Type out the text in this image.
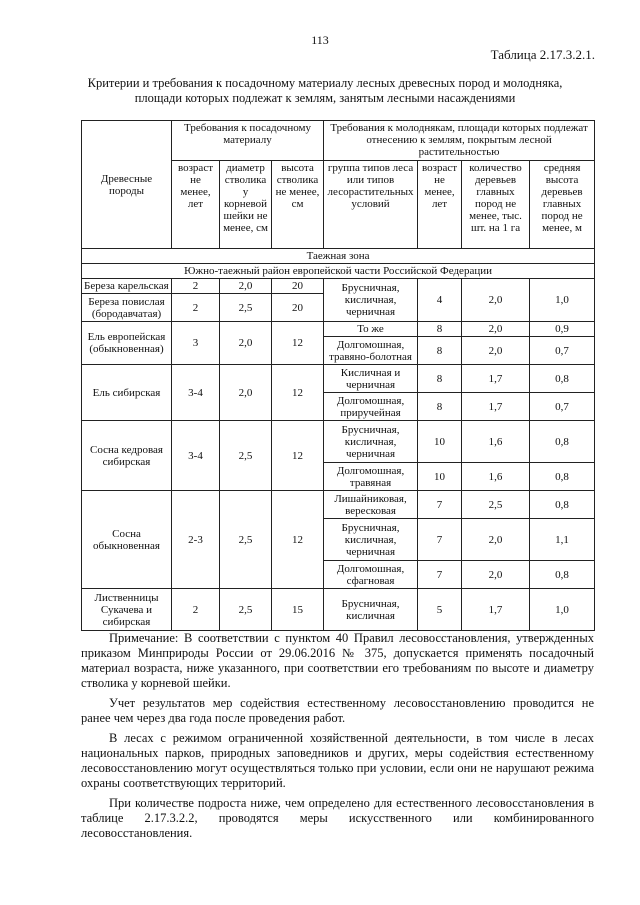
113
Таблица 2.17.3.2.1.
Критерии и требования к посадочному материалу лесных древесных пород и молодняка, площади которых подлежат к землям, занятым лесными насаждениями
Древесные породы	Требования к посадочному материалу			Требования к молоднякам, площади которых подлежат отнесению к землям, покрытым лесной растительностью			
	возраст не менее, лет	диаметр стволика у корневой шейки не менее, см	высота стволика не менее, см	группа типов леса или типов лесорастительных условий	возраст не менее, лет	количество деревьев главных пород не менее, тыс. шт. на 1 га	средняя высота деревьев главных пород не менее, м
Таежная зона							
Южно-таежный район европейской части Российской Федерации							
Береза карельская	2	2,0	20	Брусничная, кисличная, черничная	4	2,0	1,0
Береза повислая (бородавчатая)	2	2,5	20				
Ель европейская (обыкновенная)	3	2,0	12	То же	8	2,0	0,9
				Долгомошная, травяно-болотная	8	2,0	0,7
Ель сибирская	3-4	2,0	12	Кисличная и черничная	8	1,7	0,8
				Долгомошная, приручейная	8	1,7	0,7
Сосна кедровая сибирская	3-4	2,5	12	Брусничная, кисличная, черничная	10	1,6	0,8
				Долгомошная, травяная	10	1,6	0,8
Сосна обыкновенная	2-3	2,5	12	Лишайниковая, вересковая	7	2,5	0,8
				Брусничная, кисличная, черничная	7	2,0	1,1
				Долгомошная, сфагновая	7	2,0	0,8
Лиственницы Сукачева и сибирская	2	2,5	15	Брусничная, кисличная	5	1,7	1,0

Примечание: В соответствии с пунктом 40 Правил лесовосстановления, утвержденных приказом Минприроды России от 29.06.2016 № 375, допускается применять посадочный материал возраста, ниже указанного, при соответствии его требованиям по высоте и диаметру стволика у корневой шейки.

Учет результатов мер содействия естественному лесовосстановлению проводится не ранее чем через два года после проведения работ.

В лесах с режимом ограниченной хозяйственной деятельности, в том числе в лесах национальных парков, природных заповедников и других, меры содействия естественному лесовосстановлению могут осуществляться только при условии, если они не нарушают режима охраны соответствующих территорий.

При количестве подроста ниже, чем определено для естественного лесовосстановления в таблице 2.17.3.2.2, проводятся меры искусственного или комбинированного лесовосстановления.
